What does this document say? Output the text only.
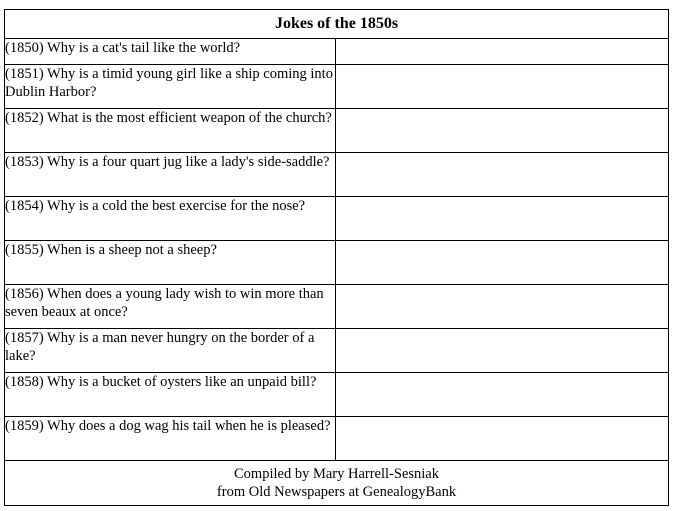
Jokes of the 1850s	

(1850) Why is a cat's tail like the world?	

(1851) Why is a timid young girl like a ship coming into Dublin Harbor?	

(1852) What is the most efficient weapon of the church?	

(1853) Why is a four quart jug like a lady's side-saddle?	

(1854) Why is a cold the best exercise for the nose?	

(1855) When is a sheep not a sheep?	

(1856) When does a young lady wish to win more than seven beaux at once?	

(1857) Why is a man never hungry on the border of a lake?	

(1858) Why is a bucket of oysters like an unpaid bill?	

(1859) Why does a dog wag his tail when he is pleased?	

Compiled by Mary Harrell-Sesniak
from Old Newspapers at GenealogyBank	
